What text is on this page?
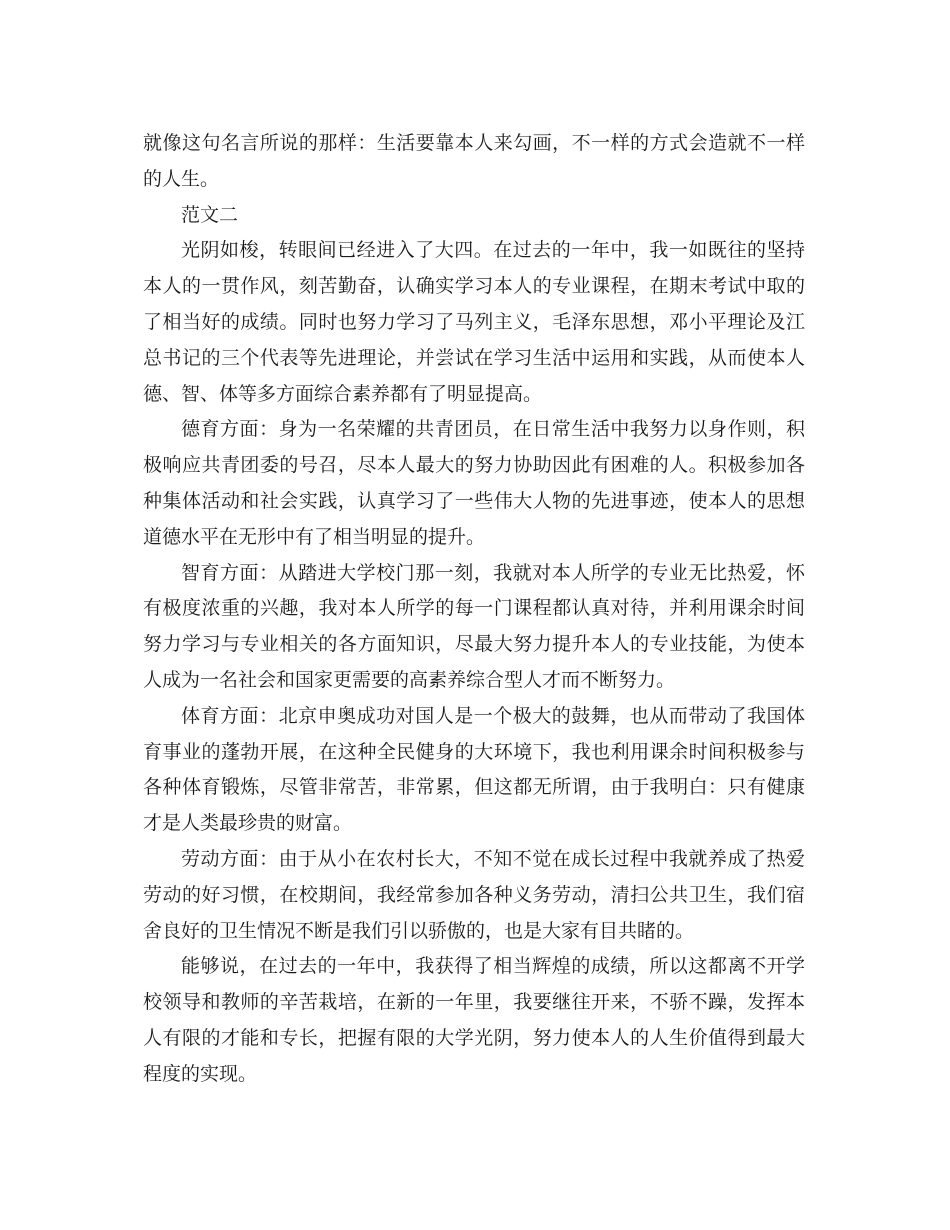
就像这句名言所说的那样：生活要靠本人来勾画，不一样的方式会造就不一样的人生。

范文二

光阴如梭，转眼间已经进入了大四。在过去的一年中，我一如既往的坚持本人的一贯作风，刻苦勤奋，认确实学习本人的专业课程，在期末考试中取的了相当好的成绩。同时也努力学习了马列主义，毛泽东思想，邓小平理论及江总书记的三个代表等先进理论，并尝试在学习生活中运用和实践，从而使本人德、智、体等多方面综合素养都有了明显提高。

德育方面：身为一名荣耀的共青团员，在日常生活中我努力以身作则，积极响应共青团委的号召，尽本人最大的努力协助因此有困难的人。积极参加各种集体活动和社会实践，认真学习了一些伟大人物的先进事迹，使本人的思想道德水平在无形中有了相当明显的提升。

智育方面：从踏进大学校门那一刻，我就对本人所学的专业无比热爱，怀有极度浓重的兴趣，我对本人所学的每一门课程都认真对待，并利用课余时间努力学习与专业相关的各方面知识，尽最大努力提升本人的专业技能，为使本人成为一名社会和国家更需要的高素养综合型人才而不断努力。

体育方面：北京申奥成功对国人是一个极大的鼓舞，也从而带动了我国体育事业的蓬勃开展，在这种全民健身的大环境下，我也利用课余时间积极参与各种体育锻炼，尽管非常苦，非常累，但这都无所谓，由于我明白：只有健康才是人类最珍贵的财富。

劳动方面：由于从小在农村长大，不知不觉在成长过程中我就养成了热爱劳动的好习惯，在校期间，我经常参加各种义务劳动，清扫公共卫生，我们宿舍良好的卫生情况不断是我们引以骄傲的，也是大家有目共睹的。

能够说，在过去的一年中，我获得了相当辉煌的成绩，所以这都离不开学校领导和教师的辛苦栽培，在新的一年里，我要继往开来，不骄不躁，发挥本人有限的才能和专长，把握有限的大学光阴，努力使本人的人生价值得到最大程度的实现。
